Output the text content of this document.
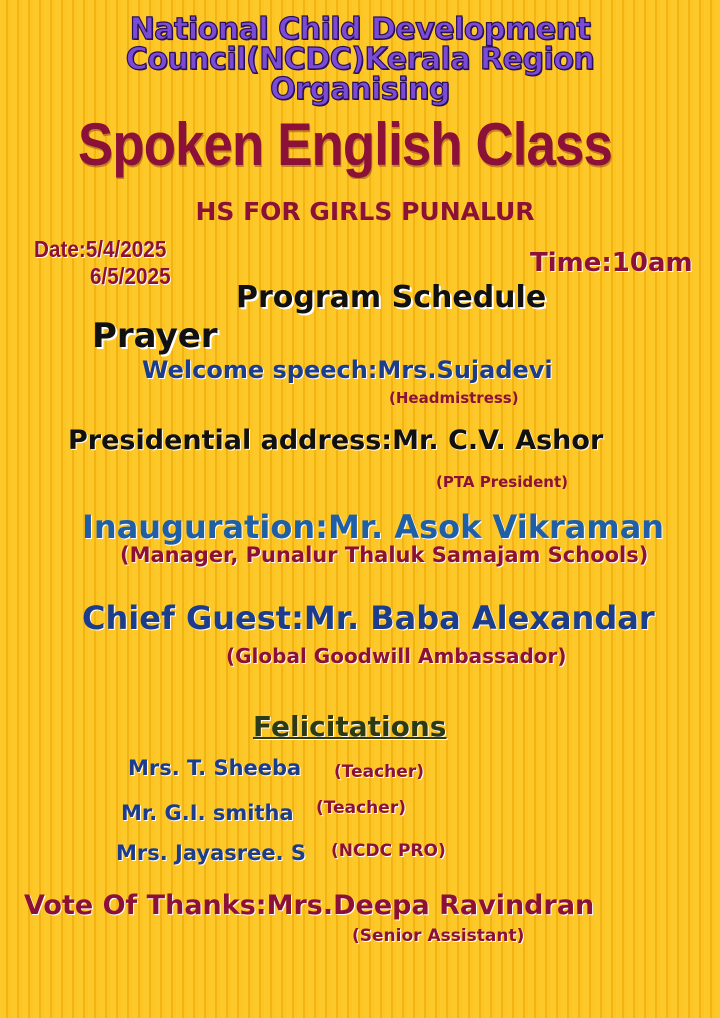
National Child Development

Council(NCDC)Kerala Region

Organising

Spoken English Class

HS FOR GIRLS PUNALUR

Date:5/4/2025

6/5/2025	Time:10am

Program Schedule

Prayer

Welcome speech:Mrs.Sujadevi

(Headmistress)

Presidential address:Mr. C.V. Ashor

(PTA President)

Inauguration:Mr. Asok Vikraman

(Manager, Punalur Thaluk Samajam Schools)

Chief Guest:Mr. Baba Alexandar

(Global Goodwill Ambassador)

Felicitations

Mrs. T. Sheeba (Teacher)

Mr. G.I. smitha (Teacher)

Mrs. Jayasree. S (NCDC PRO)

Vote Of Thanks:Mrs.Deepa Ravindran

(Senior Assistant)
